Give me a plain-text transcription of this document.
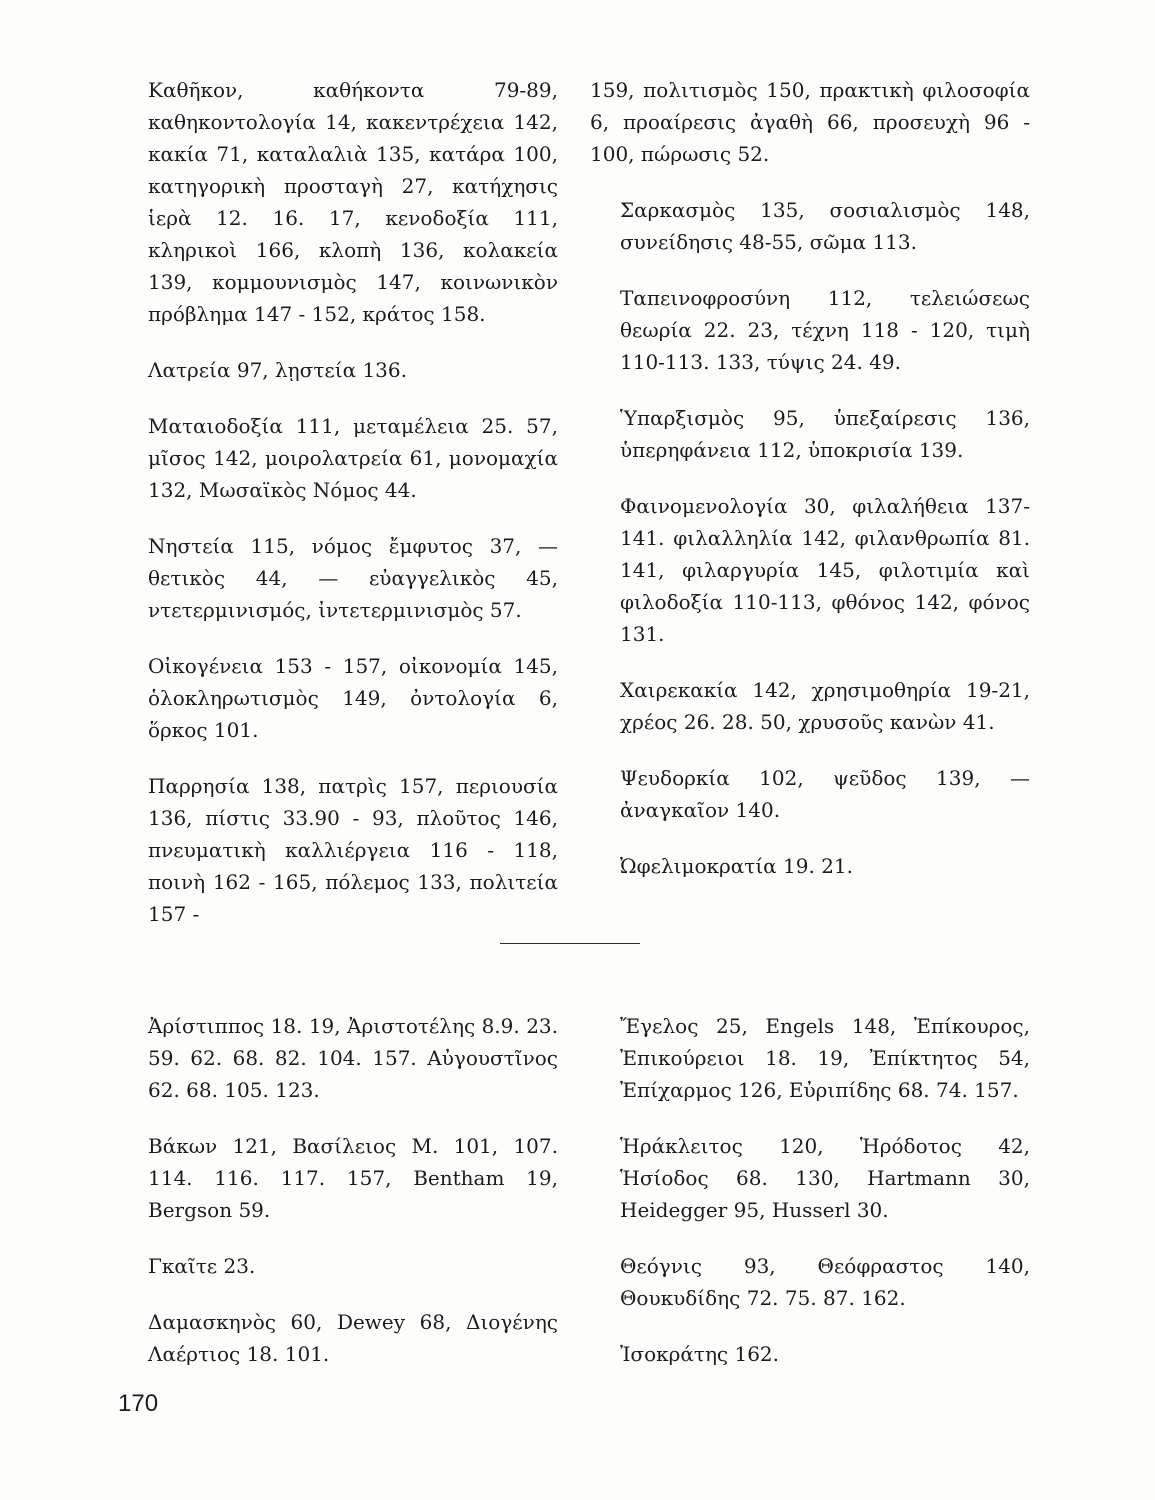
Καθῆκον, καθήκοντα 79-89, καθηκοντολογία 14, κακεντρέχεια 142, κακία 71, καταλαλιὰ 135, κατάρα 100, κατηγορικὴ προσταγὴ 27, κατήχησις ἱερὰ 12. 16. 17, κενοδοξία 111, κληρικοὶ 166, κλοπὴ 136, κολακεία 139, κομμουνισμὸς 147, κοινωνικὸν πρόβλημα 147 - 152, κράτος 158.

Λατρεία 97, λῃστεία 136.

Ματαιοδοξία 111, μεταμέλεια 25. 57, μῖσος 142, μοιρολατρεία 61, μονομαχία 132, Μωσαϊκὸς Νόμος 44.

Νηστεία 115, νόμος ἔμφυτος 37, — θετικὸς 44, — εὐαγγελικὸς 45, ντετερμινισμός, ἰντετερμινισμὸς 57.

Οἰκογένεια 153 - 157, οἰκονομία 145, ὁλοκληρωτισμὸς 149, ὀντολογία 6, ὅρκος 101.

Παρρησία 138, πατρὶς 157, περιουσία 136, πίστις 33.90 - 93, πλοῦτος 146, πνευματικὴ καλλιέργεια 116 - 118, ποινὴ 162 - 165, πόλεμος 133, πολιτεία 157 -

159, πολιτισμὸς 150, πρακτικὴ φιλοσοφία 6, προαίρεσις ἀγαθὴ 66, προσευχὴ 96 - 100, πώρωσις 52.

Σαρκασμὸς 135, σοσιαλισμὸς 148, συνείδησις 48-55, σῶμα 113.

Ταπεινοφροσύνη 112, τελειώσεως θεωρία 22. 23, τέχνη 118 - 120, τιμὴ 110-113. 133, τύψις 24. 49.

Ὑπαρξισμὸς 95, ὑπεξαίρεσις 136, ὑπερηφάνεια 112, ὑποκρισία 139.

Φαινομενολογία 30, φιλαλήθεια 137-141. φιλαλληλία 142, φιλανθρωπία 81. 141, φιλαργυρία 145, φιλοτιμία καὶ φιλοδοξία 110-113, φθόνος 142, φόνος 131.

Χαιρεκακία 142, χρησιμοθηρία 19-21, χρέος 26. 28. 50, χρυσοῦς κανὼν 41.

Ψευδορκία 102, ψεῦδος 139, — ἀναγκαῖον 140.

Ὠφελιμοκρατία 19. 21.

Ἀρίστιππος 18. 19, Ἀριστοτέλης 8.9. 23. 59. 62. 68. 82. 104. 157. Αὐγουστῖνος 62. 68. 105. 123.

Βάκων 121, Βασίλειος Μ. 101, 107. 114. 116. 117. 157, Bentham 19, Bergson 59.

Γκαῖτε 23.

Δαμασκηνὸς 60, Dewey 68, Διογένης Λαέρτιος 18. 101.

Ἔγελος 25, Engels 148, Ἐπίκουρος, Ἐπικούρειοι 18. 19, Ἐπίκτητος 54, Ἐπίχαρμος 126, Εὐριπίδης 68. 74. 157.

Ἡράκλειτος 120, Ἡρόδοτος 42, Ἡσίοδος 68. 130, Hartmann 30, Heidegger 95, Husserl 30.

Θεόγνις 93, Θεόφραστος 140, Θουκυδίδης 72. 75. 87. 162.

Ἰσοκράτης 162.

170
